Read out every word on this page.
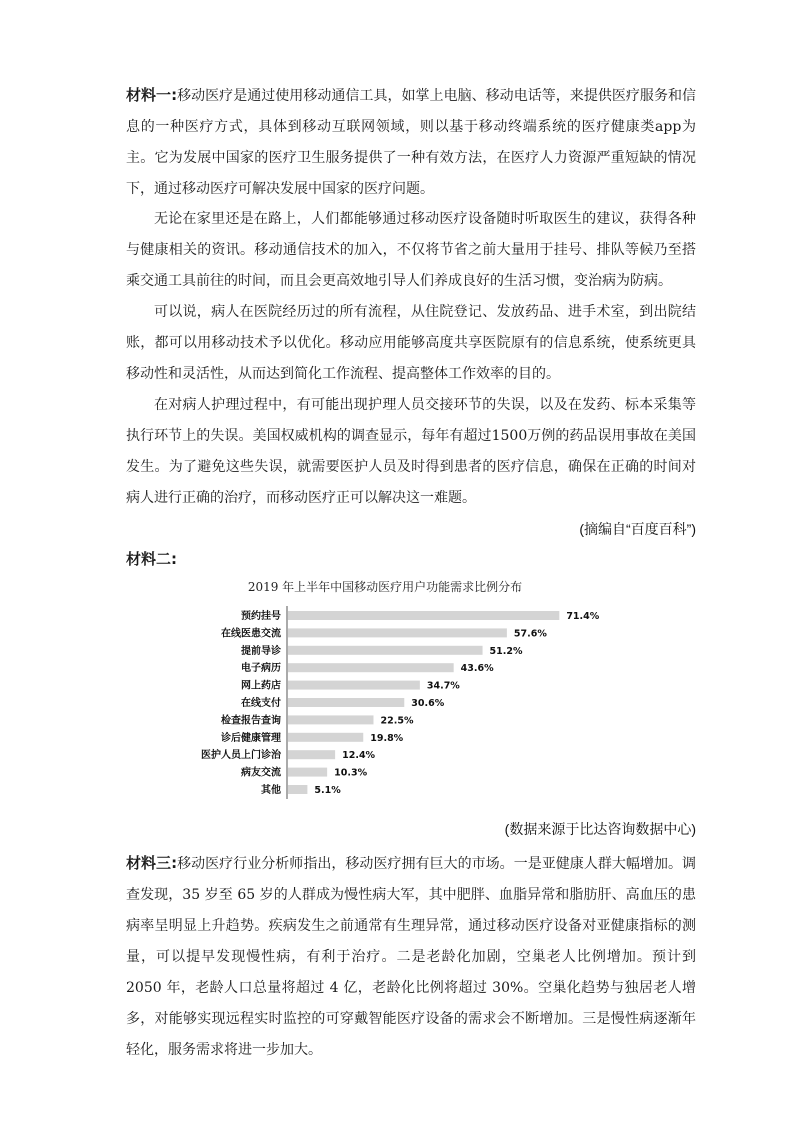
材料一:移动医疗是通过使用移动通信工具，如掌上电脑、移动电话等，来提供医疗服务和信息的一种医疗方式，具体到移动互联网领域，则以基于移动终端系统的医疗健康类app为主。它为发展中国家的医疗卫生服务提供了一种有效方法，在医疗人力资源严重短缺的情况下，通过移动医疗可解决发展中国家的医疗问题。

无论在家里还是在路上，人们都能够通过移动医疗设备随时听取医生的建议，获得各种与健康相关的资讯。移动通信技术的加入，不仅将节省之前大量用于挂号、排队等候乃至搭乘交通工具前往的时间，而且会更高效地引导人们养成良好的生活习惯，变治病为防病。

可以说，病人在医院经历过的所有流程，从住院登记、发放药品、进手术室，到出院结账，都可以用移动技术予以优化。移动应用能够高度共享医院原有的信息系统，使系统更具移动性和灵活性，从而达到简化工作流程、提高整体工作效率的目的。

在对病人护理过程中，有可能出现护理人员交接环节的失误，以及在发药、标本采集等执行环节上的失误。美国权威机构的调查显示，每年有超过1500万例的药品误用事故在美国发生。为了避免这些失误，就需要医护人员及时得到患者的医疗信息，确保在正确的时间对病人进行正确的治疗，而移动医疗正可以解决这一难题。

(摘编自“百度百科”)
材料二:
2019 年上半年中国移动医疗用户功能需求比例分布
预约挂号	71.4%
在线医患交流	57.6%
提前导诊	51.2%
电子病历	43.6%
网上药店	34.7%
在线支付	30.6%
检查报告查询	22.5%
诊后健康管理	19.8%
医护人员上门诊治	12.4%
病友交流	10.3%
其他	5.1%
(数据来源于比达咨询数据中心)

材料三:移动医疗行业分析师指出，移动医疗拥有巨大的市场。一是亚健康人群大幅增加。调查发现，35 岁至 65 岁的人群成为慢性病大军，其中肥胖、血脂异常和脂肪肝、高血压的患病率呈明显上升趋势。疾病发生之前通常有生理异常，通过移动医疗设备对亚健康指标的测量，可以提早发现慢性病，有利于治疗。二是老龄化加剧，空巢老人比例增加。预计到 2050 年，老龄人口总量将超过 4 亿，老龄化比例将超过 30%。空巢化趋势与独居老人增多，对能够实现远程实时监控的可穿戴智能医疗设备的需求会不断增加。三是慢性病逐渐年轻化，服务需求将进一步加大。
